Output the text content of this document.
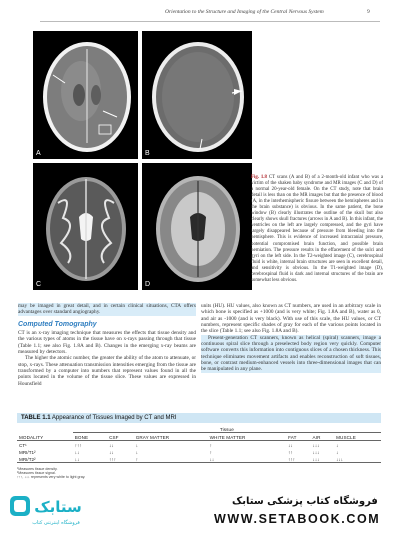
Orientation to the Structure and Imaging of the Central Nervous System	9
A	B
C	D
Fig. 1.8 CT scans (A and B) of a 2-month-old infant who was a victim of the shaken baby syndrome and MR images (C and D) of a normal 20-year-old female. On the CT study, note that brain detail is less than on the MR images but that the presence of blood (A, in the interhemispheric fissure between the hemispheres and in the brain substance) is obvious. In the same patient, the bone window (B) clearly illustrates the outline of the skull but also clearly shows skull fractures (arrows in A and B). In this infant, the ventricles on the left are largely compressed, and the gyri have largely disappeared because of pressure from bleeding into the hemisphere. This is evidence of increased intracranial pressure, potential compromised brain function, and possible brain herniation. The pressure results in the effacement of the sulci and gyri on the left side. In the T2-weighted image (C), cerebrospinal fluid is white, internal brain structures are seen in excellent detail, and sensitivity is obvious. In the T1-weighted image (D), cerebrospinal fluid is dark and internal structures of the brain are somewhat less obvious.
may be imaged in great detail, and in certain clinical situations, CTA offers advantages over standard angiography.
Computed Tomography
CT is an x-ray imaging technique that measures the effects that tissue density and the various types of atoms in the tissue have on x-rays passing through that tissue (Table 1.1; see also Fig. 1.8A and B). Changes in the emerging x-ray beams are measured by detectors.
The higher the atomic number, the greater the ability of the atom to attenuate, or stop, x-rays. These attenuation transmission intensities emerging from the tissue are transformed by a computer into numbers that represent values found in all the points located in the volume of the tissue slice. These values are expressed in Hounsfield
units (HU). HU values, also known as CT numbers, are used in an arbitrary scale in which bone is specified as +1000 (and is very white; Fig. 1.8A and B), water as 0, and air as -1000 (and is very black). With use of this scale, the HU values, or CT numbers, represent specific shades of gray for each of the various points located in the slice (Table 1.1; see also Fig. 1.8A and B).
Present-generation CT scanners, known as helical (spiral) scanners, image a continuous spiral slice through a preselected body region very quickly. Computer software converts this information into contiguous slices of a chosen thickness. This technique eliminates movement artifacts and enables reconstruction of soft tissues, bone, or contrast medium-enhanced vessels into three-dimensional images that can be manipulated in any plane.
TABLE 1.1 Appearance of Tissues Imaged by CT and MRI
	Tissue						
MODALITY	BONE	CSF	GRAY MATTER	WHITE MATTER	FAT	AIR	MUSCLE
CT¹	↑↑↑	↓↓	↓	↑	↓↓	↓↓↓	↓
MRI/T1²	↓↓	↓↓	↓	↑	↑↑	↓↓↓	↓
MRI/T2²	↓↓	↑↑↑	↑	↓↓	↑↑↑	↓↓↓	↓↓↓
¹Measures tissue density.
²Measures tissue signal.
↑↑↑, ↓↓↓ represents very white to light gray.
ستابک
فروشگاه اینترنتی کتاب
فروشگاه کتاب پزشکی ستابک
WWW.SETABOOK.COM
